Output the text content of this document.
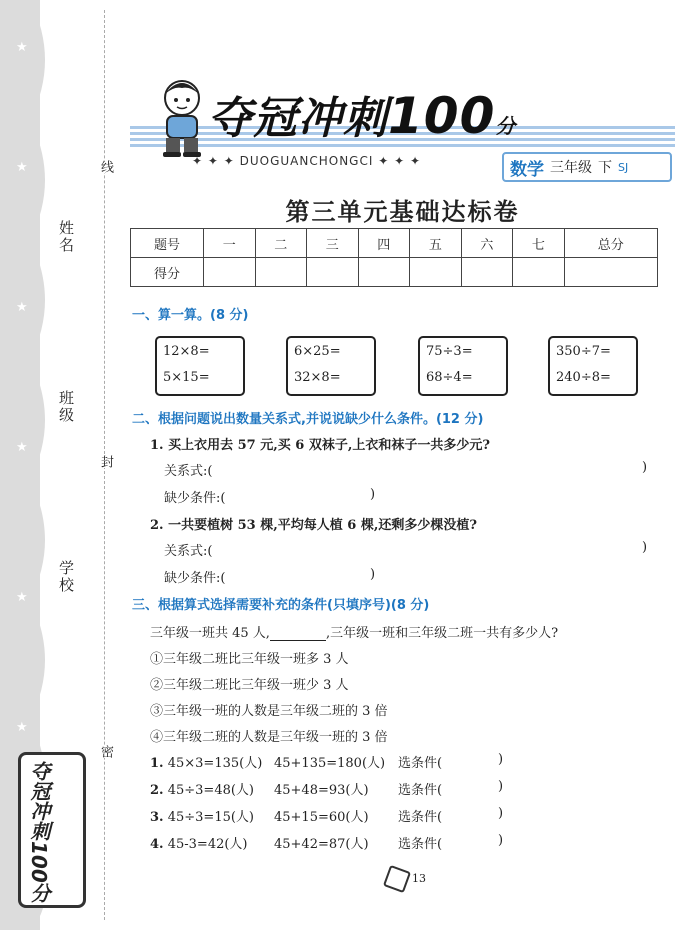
★
★
★
★
★
★
姓名
班级
学校
线
封
密
夺冠冲刺100分
夺冠冲刺100分
✦ ✦ ✦ DUOGUANCHONGCI ✦ ✦ ✦	数学 三年级 下 SJ
第三单元基础达标卷
题号	一	二	三	四	五	六	七	总分
得分								
一、算一算。(8 分)
12×8=
5×15=
6×25=
32×8=
75÷3=
68÷4=
350÷7=
240÷8=
二、根据问题说出数量关系式,并说说缺少什么条件。(12 分)
1. 买上衣用去 57 元,买 6 双袜子,上衣和袜子一共多少元?
关系式:(	)
缺少条件:(	)
2. 一共要植树 53 棵,平均每人植 6 棵,还剩多少棵没植?
关系式:(	)
缺少条件:(	)
三、根据算式选择需要补充的条件(只填序号)(8 分)
三年级一班共 45 人,	,三年级一班和三年级二班一共有多少人?
①三年级二班比三年级一班多 3 人
②三年级二班比三年级一班少 3 人
③三年级一班的人数是三年级二班的 3 倍
④三年级二班的人数是三年级一班的 3 倍
1. 45×3=135(人) 45+135=180(人) 选条件(	)
2. 45÷3=48(人) 45+48=93(人) 选条件(	)
3. 45÷3=15(人) 45+15=60(人) 选条件(	)
4. 45-3=42(人) 45+42=87(人) 选条件(	)
13
